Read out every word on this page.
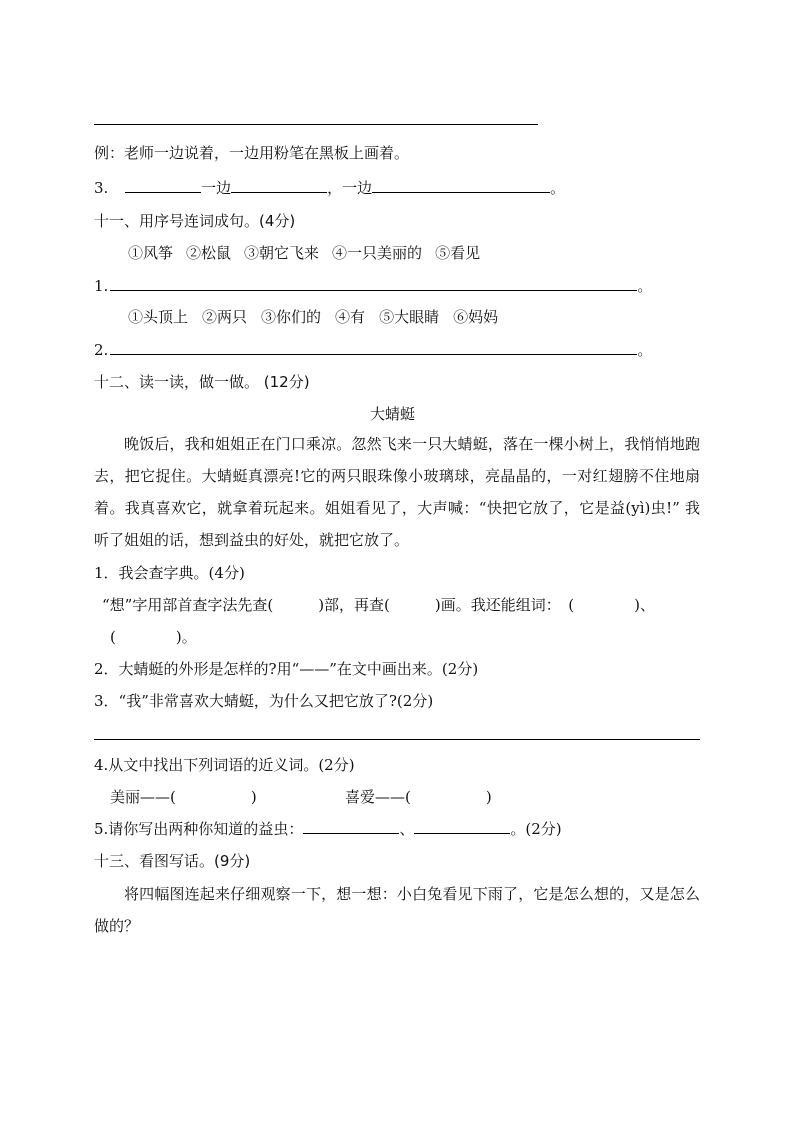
例：老师一边说着，一边用粉笔在黑板上画着。
3.	一边	，一边	。
十一、用序号连词成句。(4分)
①风筝 ②松鼠 ③朝它飞来 ④一只美丽的 ⑤看见
1.	。
①头顶上 ②两只 ③你们的 ④有 ⑤大眼睛 ⑥妈妈
2.	。
十二、读一读，做一做。 (12分)
大蜻蜓
晚饭后，我和姐姐正在门口乘凉。忽然飞来一只大蜻蜓，落在一棵小树上，我悄悄地跑去，把它捉住。大蜻蜓真漂亮!它的两只眼珠像小玻璃球，亮晶晶的，一对红翅膀不住地扇着。我真喜欢它，就拿着玩起来。姐姐看见了，大声喊：“快把它放了，它是益(yì)虫!” 我听了姐姐的话，想到益虫的好处，就把它放了。
1．我会查字典。(4分)
“想”字用部首查字法先查(　　　)部，再查(　　　)画。我还能组词：　(　　　　)、
(　　　　)。
2．大蜻蜓的外形是怎样的?用“——”在文中画出来。(2分)
3．“我”非常喜欢大蜻蜓，为什么又把它放了?(2分)
4.从文中找出下列词语的近义词。(2分)
美丽——(　　　　　)	喜爱——(　　　　　)
5.请你写出两种你知道的益虫：	、	。(2分)
十三、看图写话。(9分)
将四幅图连起来仔细观察一下，想一想：小白兔看见下雨了，它是怎么想的，又是怎么做的？
